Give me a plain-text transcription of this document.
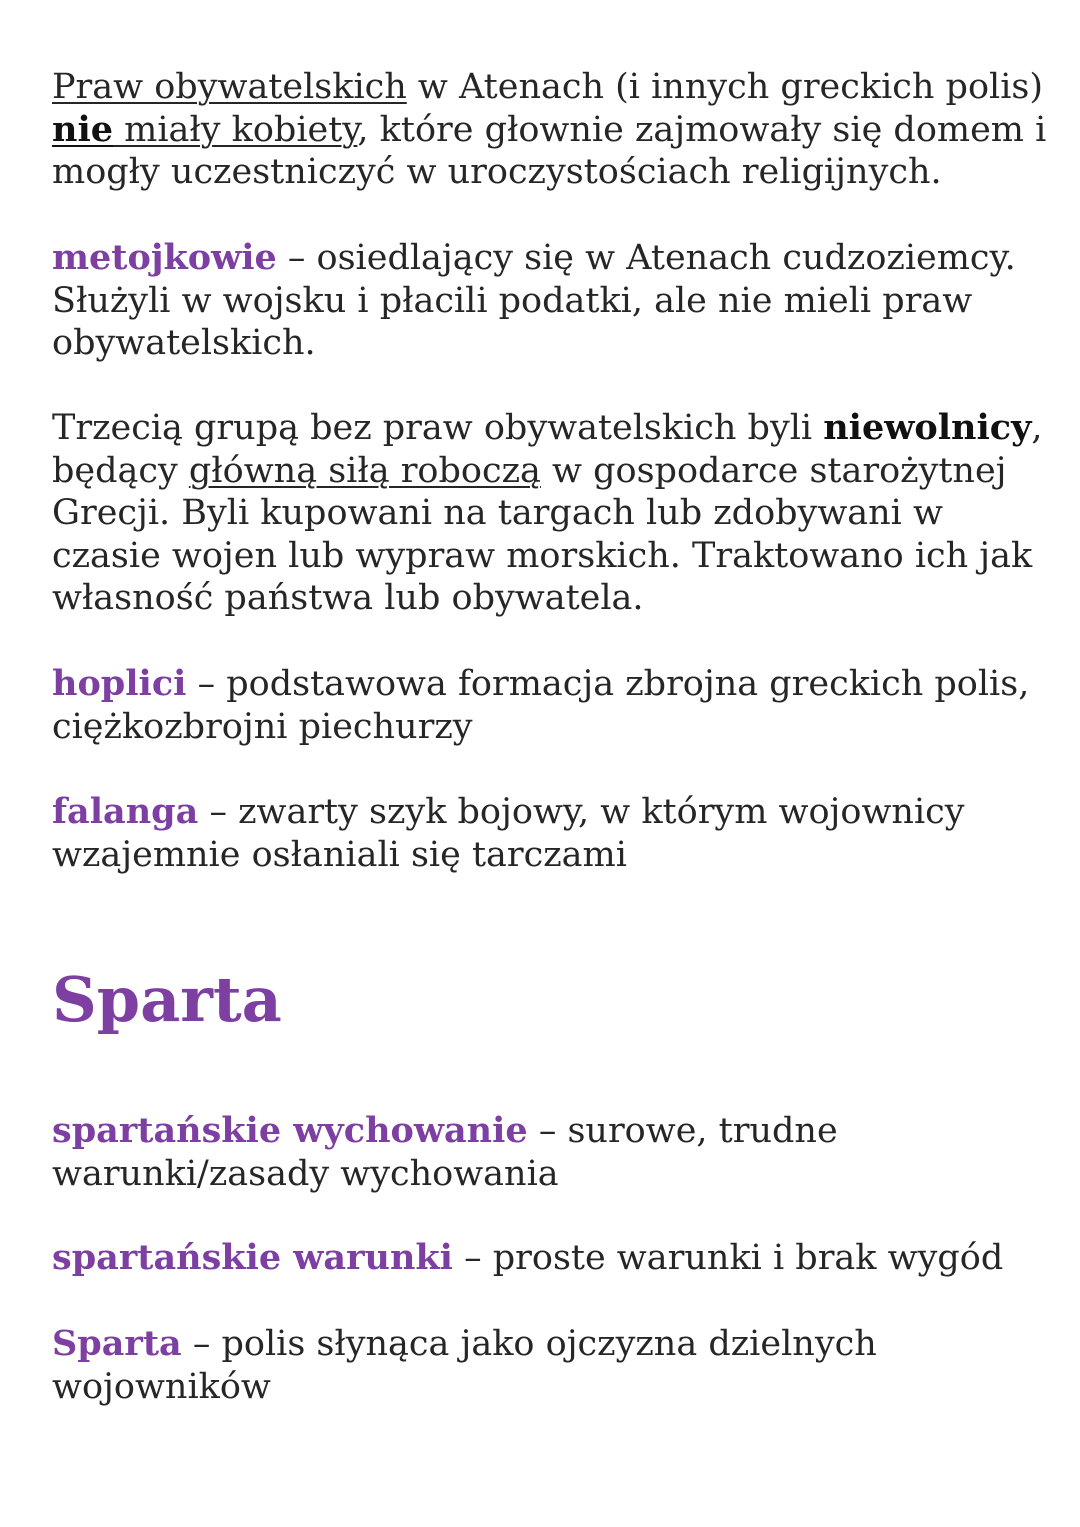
Praw obywatelskich w Atenach (i innych greckich polis)
nie miały kobiety, które głownie zajmowały się domem i
mogły uczestniczyć w uroczystościach religijnych.
metojkowie – osiedlający się w Atenach cudzoziemcy.
Służyli w wojsku i płacili podatki, ale nie mieli praw
obywatelskich.
Trzecią grupą bez praw obywatelskich byli niewolnicy,
będący główną siłą roboczą w gospodarce starożytnej
Grecji. Byli kupowani na targach lub zdobywani w
czasie wojen lub wypraw morskich. Traktowano ich jak
własność państwa lub obywatela.
hoplici – podstawowa formacja zbrojna greckich polis,
ciężkozbrojni piechurzy
falanga – zwarty szyk bojowy, w którym wojownicy
wzajemnie osłaniali się tarczami
Sparta
spartańskie wychowanie – surowe, trudne
warunki/zasady wychowania
spartańskie warunki – proste warunki i brak wygód
Sparta – polis słynąca jako ojczyzna dzielnych
wojowników
